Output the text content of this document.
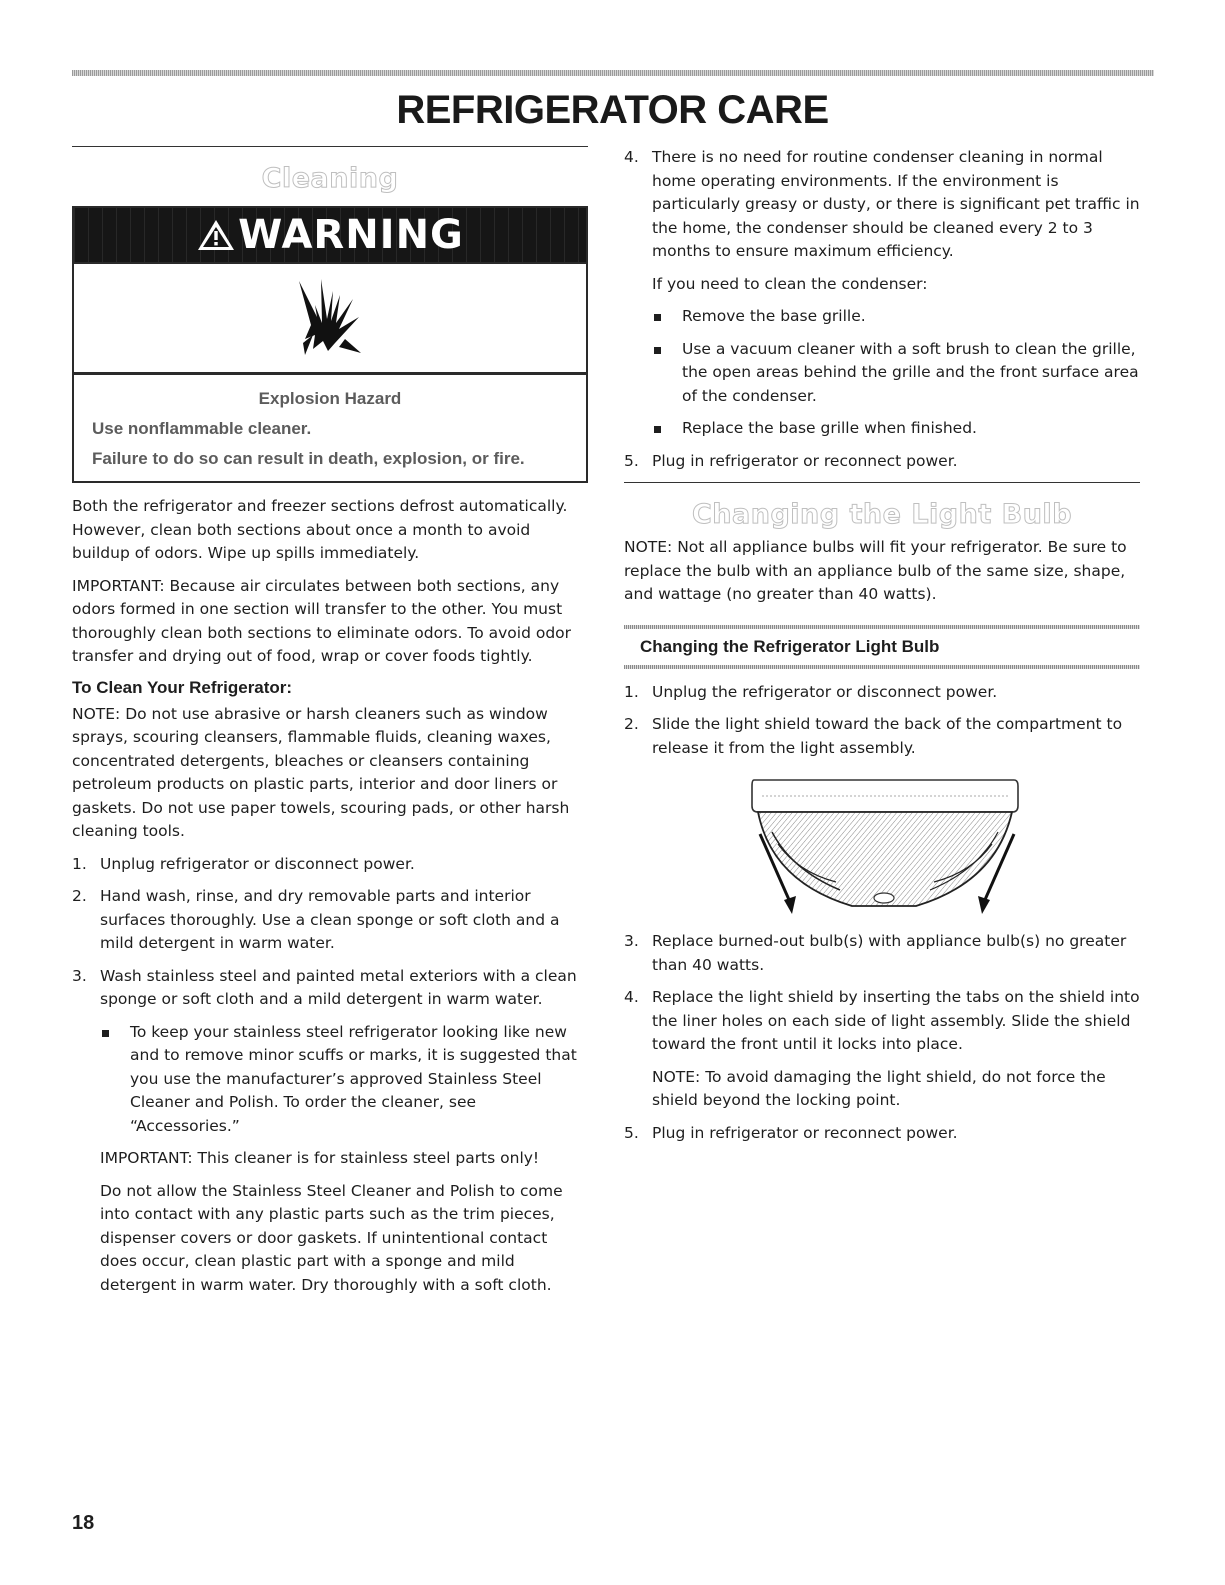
REFRIGERATOR CARE
Cleaning
WARNING

Explosion Hazard

Use nonflammable cleaner.

Failure to do so can result in death, explosion, or fire.

Both the refrigerator and freezer sections defrost automatically. However, clean both sections about once a month to avoid buildup of odors. Wipe up spills immediately.

IMPORTANT: Because air circulates between both sections, any odors formed in one section will transfer to the other. You must thoroughly clean both sections to eliminate odors. To avoid odor transfer and drying out of food, wrap or cover foods tightly.

To Clean Your Refrigerator:

NOTE: Do not use abrasive or harsh cleaners such as window sprays, scouring cleansers, flammable fluids, cleaning waxes, concentrated detergents, bleaches or cleansers containing petroleum products on plastic parts, interior and door liners or gaskets. Do not use paper towels, scouring pads, or other harsh cleaning tools.

1. Unplug refrigerator or disconnect power.
2. Hand wash, rinse, and dry removable parts and interior surfaces thoroughly. Use a clean sponge or soft cloth and a mild detergent in warm water.
3. Wash stainless steel and painted metal exteriors with a clean sponge or soft cloth and a mild detergent in warm water.
To keep your stainless steel refrigerator looking like new and to remove minor scuffs or marks, it is suggested that you use the manufacturer’s approved Stainless Steel Cleaner and Polish. To order the cleaner, see “Accessories.”
IMPORTANT: This cleaner is for stainless steel parts only!
Do not allow the Stainless Steel Cleaner and Polish to come into contact with any plastic parts such as the trim pieces, dispenser covers or door gaskets. If unintentional contact does occur, clean plastic part with a sponge and mild detergent in warm water. Dry thoroughly with a soft cloth.
4. There is no need for routine condenser cleaning in normal home operating environments. If the environment is particularly greasy or dusty, or there is significant pet traffic in the home, the condenser should be cleaned every 2 to 3 months to ensure maximum efficiency.
If you need to clean the condenser:
Remove the base grille.
Use a vacuum cleaner with a soft brush to clean the grille, the open areas behind the grille and the front surface area of the condenser.
Replace the base grille when finished.
5. Plug in refrigerator or reconnect power.
Changing the Light Bulb

NOTE: Not all appliance bulbs will fit your refrigerator. Be sure to replace the bulb with an appliance bulb of the same size, shape, and wattage (no greater than 40 watts).

Changing the Refrigerator Light Bulb
1. Unplug the refrigerator or disconnect power.
2. Slide the light shield toward the back of the compartment to release it from the light assembly.
3. Replace burned-out bulb(s) with appliance bulb(s) no greater than 40 watts.
4. Replace the light shield by inserting the tabs on the shield into the liner holes on each side of light assembly. Slide the shield toward the front until it locks into place.
NOTE: To avoid damaging the light shield, do not force the shield beyond the locking point.
5. Plug in refrigerator or reconnect power.
18
